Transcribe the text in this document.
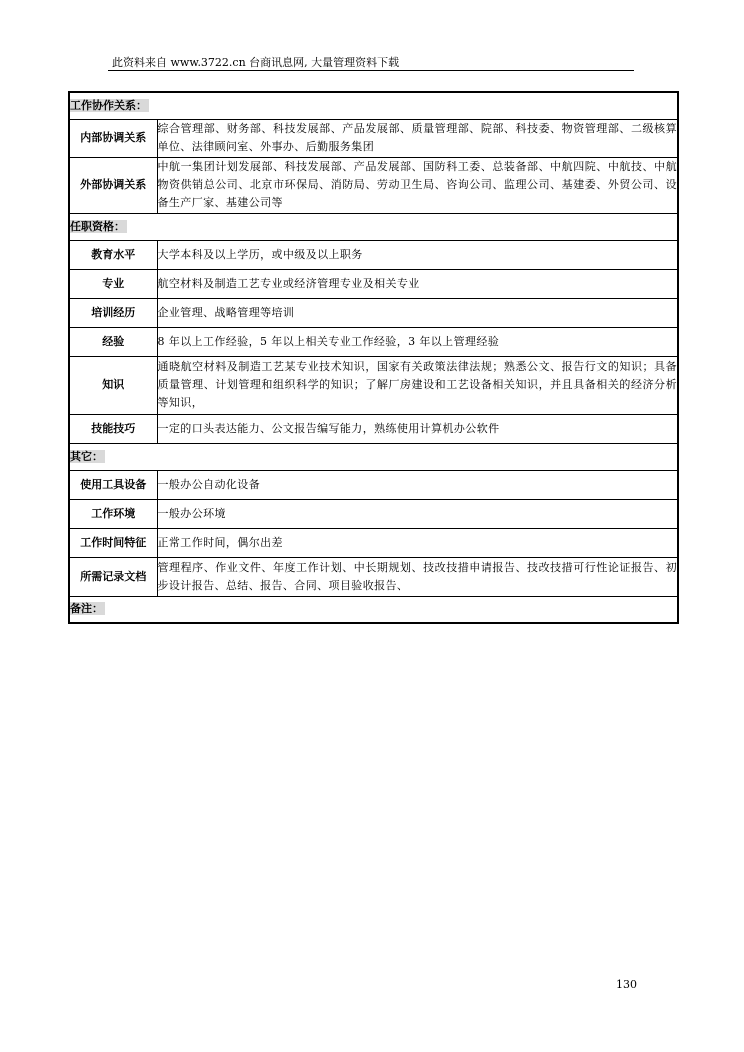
此资料来自 www.3722.cn 台商讯息网, 大量管理资料下载
工作协作关系：	
内部协调关系	综合管理部、财务部、科技发展部、产品发展部、质量管理部、院部、科技委、物资管理部、二级核算单位、法律顾问室、外事办、后勤服务集团
外部协调关系	中航一集团计划发展部、科技发展部、产品发展部、国防科工委、总装备部、中航四院、中航技、中航物资供销总公司、北京市环保局、消防局、劳动卫生局、咨询公司、监理公司、基建委、外贸公司、设备生产厂家、基建公司等
任职资格：	
教育水平	大学本科及以上学历，或中级及以上职务
专业	航空材料及制造工艺专业或经济管理专业及相关专业
培训经历	企业管理、战略管理等培训
经验	8 年以上工作经验，5 年以上相关专业工作经验，3 年以上管理经验
知识	通晓航空材料及制造工艺某专业技术知识，国家有关政策法律法规；熟悉公文、报告行文的知识；具备质量管理、计划管理和组织科学的知识；了解厂房建设和工艺设备相关知识，并且具备相关的经济分析等知识，
技能技巧	一定的口头表达能力、公文报告编写能力，熟练使用计算机办公软件
其它：	
使用工具设备	一般办公自动化设备
工作环境	一般办公环境
工作时间特征	正常工作时间，偶尔出差
所需记录文档	管理程序、作业文件、年度工作计划、中长期规划、技改技措申请报告、技改技措可行性论证报告、初步设计报告、总结、报告、合同、项目验收报告、
备注：	
130
